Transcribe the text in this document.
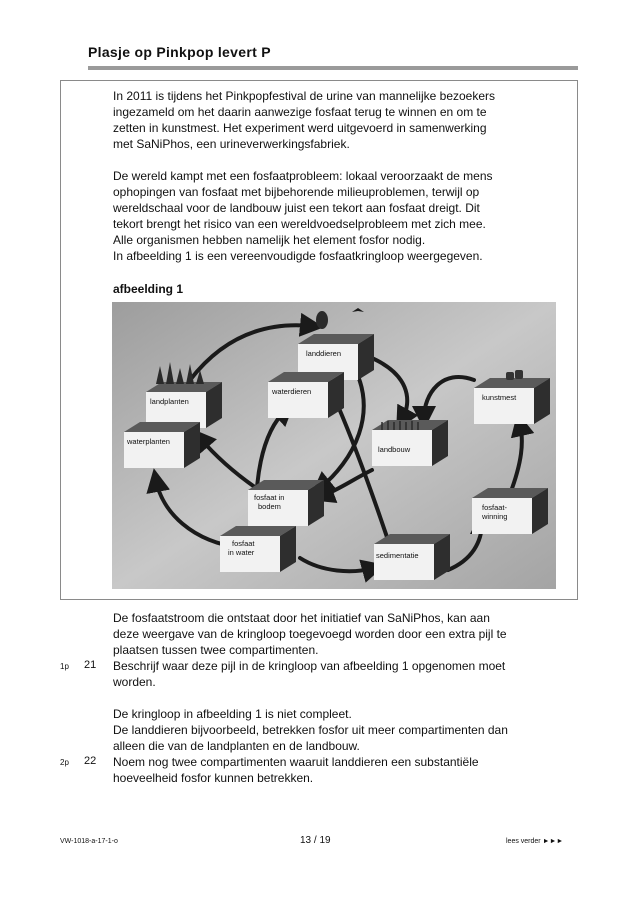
Plasje op Pinkpop levert P
In 2011 is tijdens het Pinkpopfestival de urine van mannelijke bezoekers
ingezameld om het daarin aanwezige fosfaat terug te winnen en om te
zetten in kunstmest. Het experiment werd uitgevoerd in samenwerking
met SaNiPhos, een urineverwerkingsfabriek.
De wereld kampt met een fosfaatprobleem: lokaal veroorzaakt de mens
ophopingen van fosfaat met bijbehorende milieuproblemen, terwijl op
wereldschaal voor de landbouw juist een tekort aan fosfaat dreigt. Dit
tekort brengt het risico van een wereldvoedselprobleem met zich mee.
Alle organismen hebben namelijk het element fosfor nodig.
In afbeelding 1 is een vereenvoudigde fosfaatkringloop weergegeven.
afbeelding 1
landdieren
landplanten
waterdieren
waterplanten
landbouw
kunstmest
fosfaat in
bodem
fosfaat
in water	sedimentatie
fosfaat-
winning
De fosfaatstroom die ontstaat door het initiatief van SaNiPhos, kan aan
deze weergave van de kringloop toegevoegd worden door een extra pijl te
plaatsen tussen twee compartimenten.
1p 21 Beschrijf waar deze pijl in de kringloop van afbeelding 1 opgenomen moet
worden.
De kringloop in afbeelding 1 is niet compleet.
De landdieren bijvoorbeeld, betrekken fosfor uit meer compartimenten dan
alleen die van de landplanten en de landbouw.
2p 22 Noem nog twee compartimenten waaruit landdieren een substantiële
hoeveelheid fosfor kunnen betrekken.
VW-1018-a-17-1-o	13 / 19	lees verder ►►►
